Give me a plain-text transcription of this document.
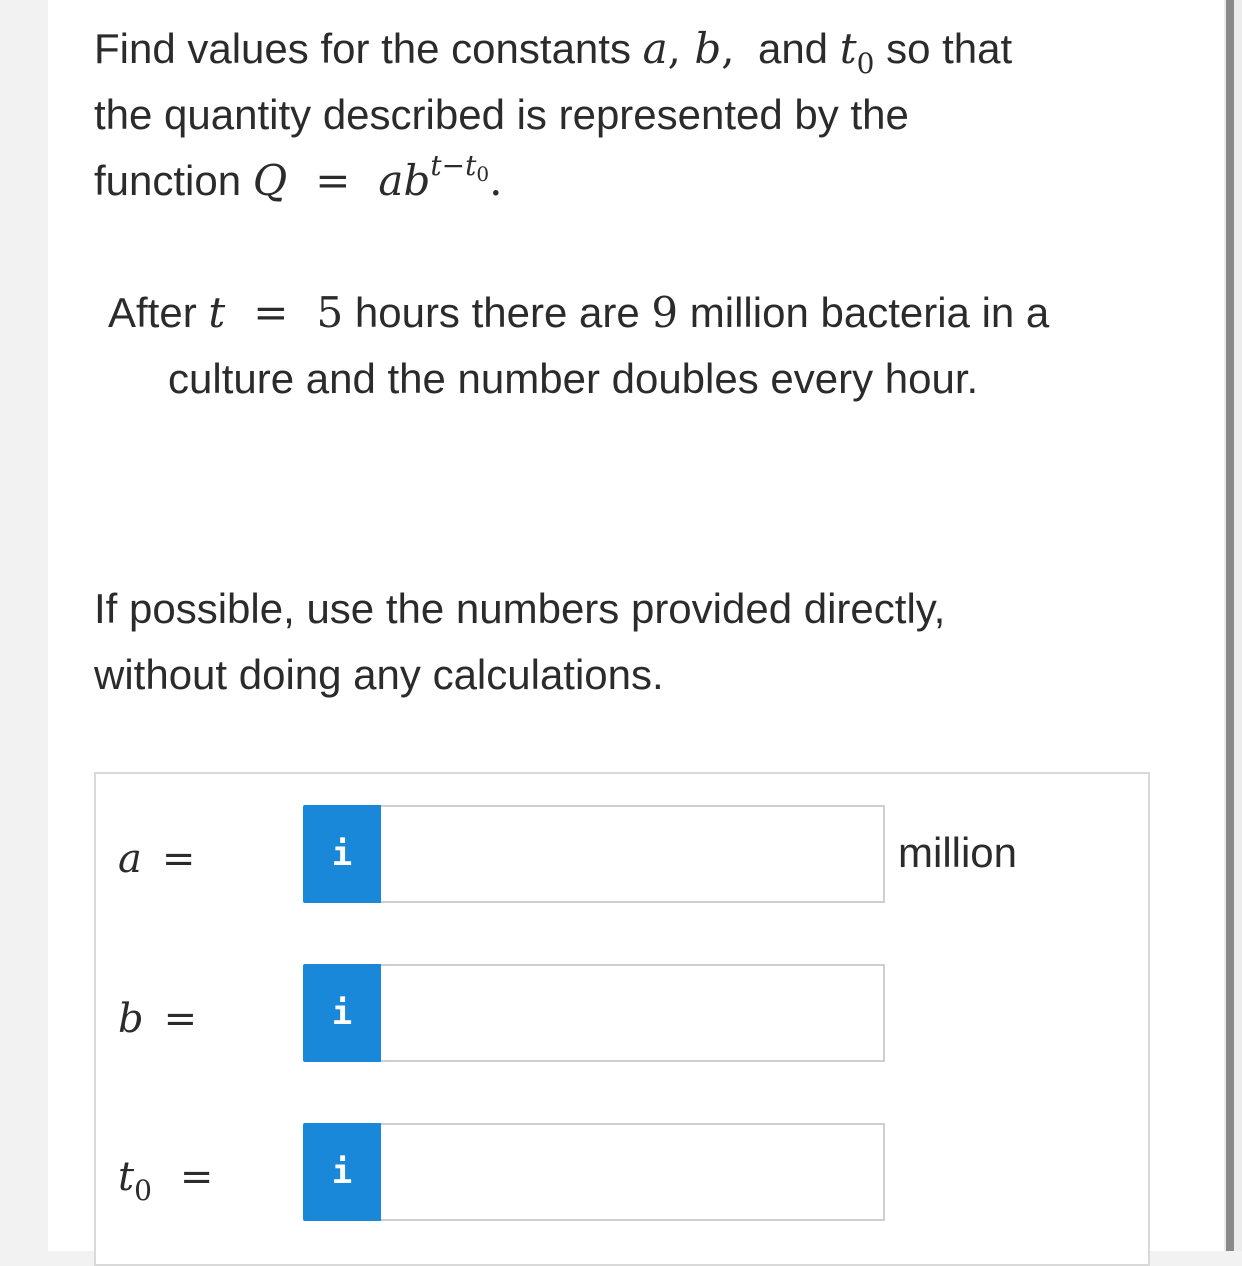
Find values for the constants a, b, and $t_0$ so that
the quantity described is represented by the
function $Q = ab^{t-t_0}$.
After t = 5 hours there are 9 million bacteria in a
culture and the number doubles every hour.
If possible, use the numbers provided directly,
without doing any calculations.
a =	i	million
b =	i
$t_0$ =	i
